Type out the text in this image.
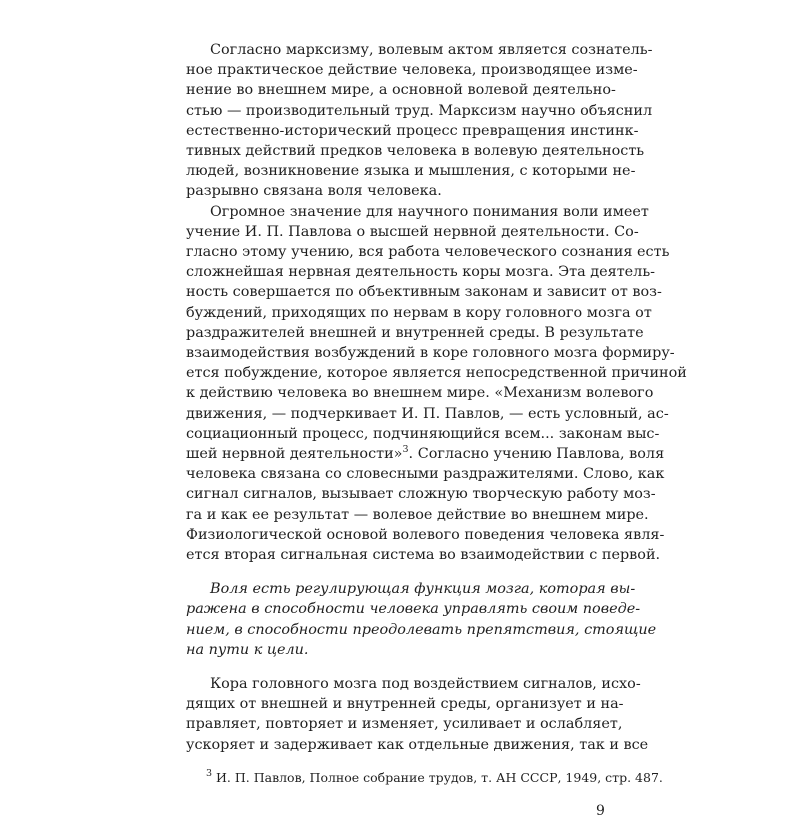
Согласно марксизму, волевым актом является сознатель-
ное практическое действие человека, производящее изме-
нение во внешнем мире, а основной волевой деятельно-
стью — производительный труд. Марксизм научно объяснил
естественно-исторический процесс превращения инстинк-
тивных действий предков человека в волевую деятельность
людей, возникновение языка и мышления, с которыми не-
разрывно связана воля человека.
Огромное значение для научного понимания воли имеет
учение И. П. Павлова о высшей нервной деятельности. Со-
гласно этому учению, вся работа человеческого сознания есть
сложнейшая нервная деятельность коры мозга. Эта деятель-
ность совершается по объективным законам и зависит от воз-
буждений, приходящих по нервам в кору головного мозга от
раздражителей внешней и внутренней среды. В результате
взаимодействия возбуждений в коре головного мозга формиру-
ется побуждение, которое является непосредственной причиной
к действию человека во внешнем мире. «Механизм волевого
движения, — подчеркивает И. П. Павлов, — есть условный, ас-
социационный процесс, подчиняющийся всем... законам выс-
шей нервной деятельности»$^3$. Согласно учению Павлова, воля
человека связана со словесными раздражителями. Слово, как
сигнал сигналов, вызывает сложную творческую работу моз-
га и как ее результат — волевое действие во внешнем мире.
Физиологической основой волевого поведения человека явля-
ется вторая сигнальная система во взаимодействии с первой.
Воля есть регулирующая функция мозга, которая вы-
ражена в способности человека управлять своим поведе-
нием, в способности преодолевать препятствия, стоящие
на пути к цели.
Кора головного мозга под воздействием сигналов, исхо-
дящих от внешней и внутренней среды, организует и на-
правляет, повторяет и изменяет, усиливает и ослабляет,
ускоряет и задерживает как отдельные движения, так и все
$^3$ И. П. Павлов, Полное собрание трудов, т. АН СССР, 1949, стр. 487.
9
